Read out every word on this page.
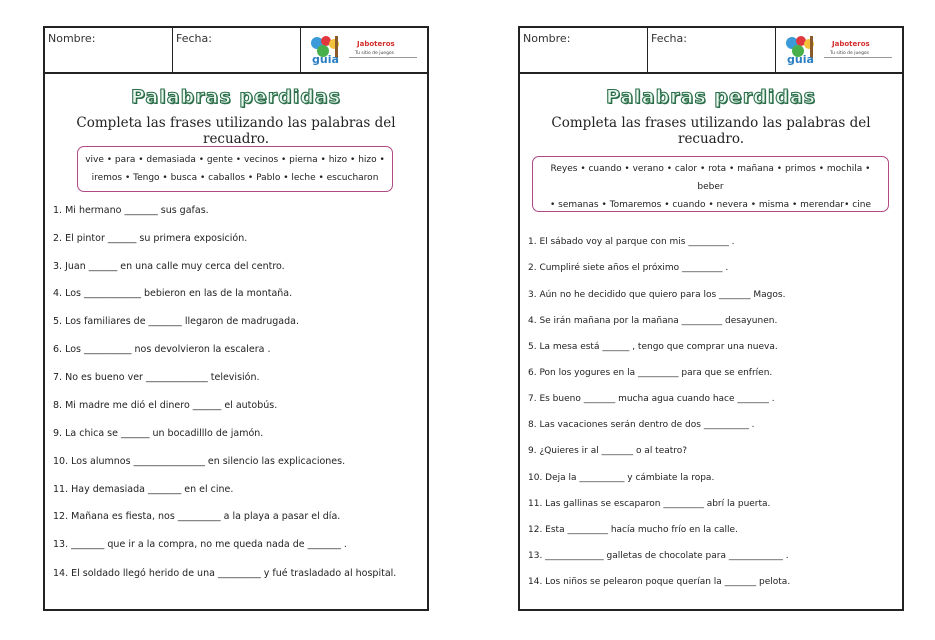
Nombre:	Fecha:
guia
Jaboteros
Tu sitio de juegos
Palabras perdidas
Completa las frases utilizando las palabras del recuadro.
vive • para • demasiada • gente • vecinos • pierna • hizo • hizo •
iremos • Tengo • busca • caballos • Pablo • leche • escucharon
1. Mi hermano _______ sus gafas.
2. El pintor ______ su primera exposición.
3. Juan ______ en una calle muy cerca del centro.
4. Los ____________ bebieron en las de la montaña.
5. Los familiares de _______ llegaron de madrugada.
6. Los __________ nos devolvieron la escalera .
7. No es bueno ver _____________ televisión.
8. Mi madre me dió el dinero ______ el autobús.
9. La chica se ______ un bocadilllo de jamón.
10. Los alumnos _______________ en silencio las explicaciones.
11. Hay demasiada _______ en el cine.
12. Mañana es fiesta, nos _________ a la playa a pasar el día.
13. _______ que ir a la compra, no me queda nada de _______ .
14. El soldado llegó herido de una _________ y fué trasladado al hospital.
Nombre:	Fecha:
guia
Jaboteros
Tu sitio de juegos
Palabras perdidas
Completa las frases utilizando las palabras del recuadro.
Reyes • cuando • verano • calor • rota • mañana • primos • mochila • beber
• semanas • Tomaremos • cuando • nevera • misma • merendar• cine
1. El sábado voy al parque con mis _________ .
2. Cumpliré siete años el próximo _________ .
3. Aún no he decidido que quiero para los _______ Magos.
4. Se irán mañana por la mañana _________ desayunen.
5. La mesa está ______ , tengo que comprar una nueva.
6. Pon los yogures en la _________ para que se enfríen.
7. Es bueno _______ mucha agua cuando hace _______ .
8. Las vacaciones serán dentro de dos __________ .
9. ¿Quieres ir al _______ o al teatro?
10. Deja la __________ y cámbiate la ropa.
11. Las gallinas se escaparon _________ abrí la puerta.
12. Esta _________ hacía mucho frío en la calle.
13. _____________ galletas de chocolate para ____________ .
14. Los niños se pelearon poque querían la _______ pelota.
